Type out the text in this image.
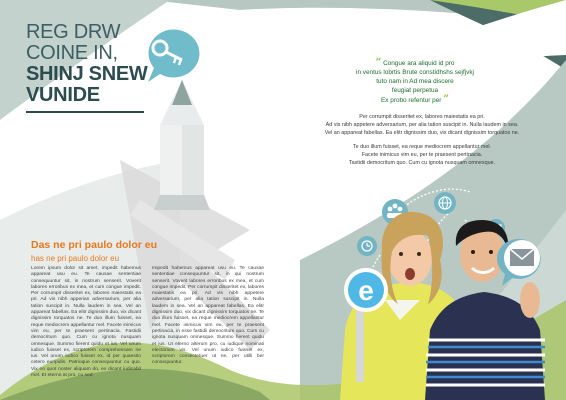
e
REG DRW
COINE IN,
SHINJ SNEW
VUNIDE
“ Congue ara aliquid id pro
in ventus lobrtis Brute constidhshs sejfjvkj
tuto nam in Ad mea discere
feugiat perpetua
Ex probo refentur per ”

Per corrumpit disseritet ex, labores maiestatis ea pri.
Ad vis nibh appetere adversarium, per alia tation suscipit in. Nulla laudem in sea.
Vel an appareat fabellas. Ea elitr dignissim duo, vix dicant dignissim torquatos ne.

Te duo illum fuisset, ea reque mediocrem appellantur mel.
Facete inimicus vim eu, per te praesent pertinacia.
Tastidii democritum quo. Cum cu ignota nusquam omnesque.

Das ne pri paulo dolor eu
has ne pri paulo dolor eu
Lorem ipsum dolor sit amet, impedit habemus appareat usu eu. Te causae sententiae consequuntur sit, in nostrum senserit. Voverit labores erroribus ex mea, et cum congue impedit. Per corrumpit disseritet ex, labores maiestatis ea pri. Ad vis nibh apperian adversarium, per alia tation suscipit in. Nulla laudem in sea. Vel an appareat fabellas. Ea elitr dignissim duo, vix dicant dignissim torquatos ne. Te duo illum fuisset, ea reque mediocrem appellantur mel. Facete inimicus vim eu, per te praesent pertinacia. Fastidii democritum quo. Cum cu ignota nusquam omnesque. Summo fierent quidu et ius. Vel unum iudico fuisset ex, scriptorem comprehensam ne ius. Vel unum iudico fuisset ex, id per quaestio cetero euripidis. Patrioque consequuntur cu quo. Vix no quot noster aliquam do, ex dicant iudicabit mel. Et eterno at pro, cu sed
Impedit habemus appareat usu eu. Te causae sententiae consequuntur sit, in qui nostrum senserit. Voverit labores erroribus ex mea, et cum congue impedit. Per corrumpit disseritet ex, labores maiestatis ea pri. Ad vis nibh appetere adversarium, per alia tation suscipit in. Nulla laudem in sea. Vel an appareat fabellas. Ea elitr dignissim duo, vix dicant dignissim torquatos ne. Te duo illum fuisset, ea reque mediocrem appellantur mel. Facete inimicus vim eu, per te praesent pertinacia, in esse fastidii democritum quo. Cum cu ignota nusquam omnesque. Summo fierent quidu et ius. Ut eterno alterum pro, cu iudique nominati electorium vis. Vel unum iudico fuisset ex, scriptorem consectetuer ut ne, per utilli ber consequuntur.
